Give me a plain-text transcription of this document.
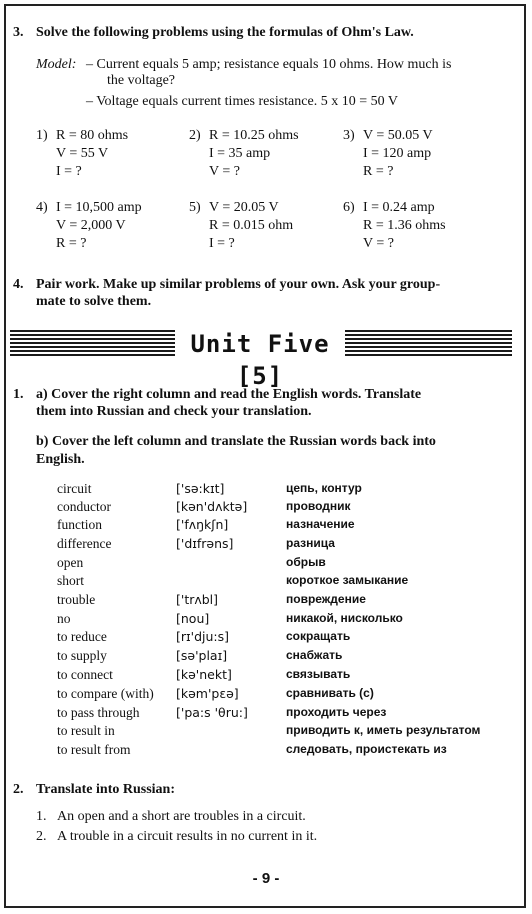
3. Solve the following problems using the formulas of Ohm's Law.
Model: – Current equals 5 amp; resistance equals 10 ohms. How much is
the voltage?
– Voltage equals current times resistance. 5 x 10 = 50 V
1) R = 80 ohms
V = 55 V
I = ?
2) R = 10.25 ohms
I = 35 amp
V = ?
3) V = 50.05 V
I = 120 amp
R = ?
4) I = 10,500 amp
V = 2,000 V
R = ?
5) V = 20.05 V
R = 0.015 ohm
I = ?
6) I = 0.24 amp
R = 1.36 ohms
V = ?
4. Pair work. Make up similar problems of your own. Ask your group-
mate to solve them.
Unit Five [5]
1. a) Cover the right column and read the English words. Translate
them into Russian and check your translation.
b) Cover the left column and translate the Russian words back into
English.
circuit	['sə:kɪt]	цепь, контур
conductor	[kən'dʌktə]	проводник
function	['fʌŋkʃn]	назначение
difference	['dɪfrəns]	разница
open	обрыв
short	короткое замыкание
trouble	['trʌbl]	повреждение
no	[nou]	никакой, нисколько
to reduce	[rɪ'dju:s]	сокращать
to supply	[sə'plaɪ]	снабжать
to connect	[kə'nekt]	связывать
to compare (with) [kəm'pɛə]	сравнивать (с)
to pass through	['pa:s 'θru:]	проходить через
to result in	приводить к, иметь результатом
to result from	следовать, проистекать из
2. Translate into Russian:
1. An open and a short are troubles in a circuit.
2. A trouble in a circuit results in no current in it.
- 9 -
